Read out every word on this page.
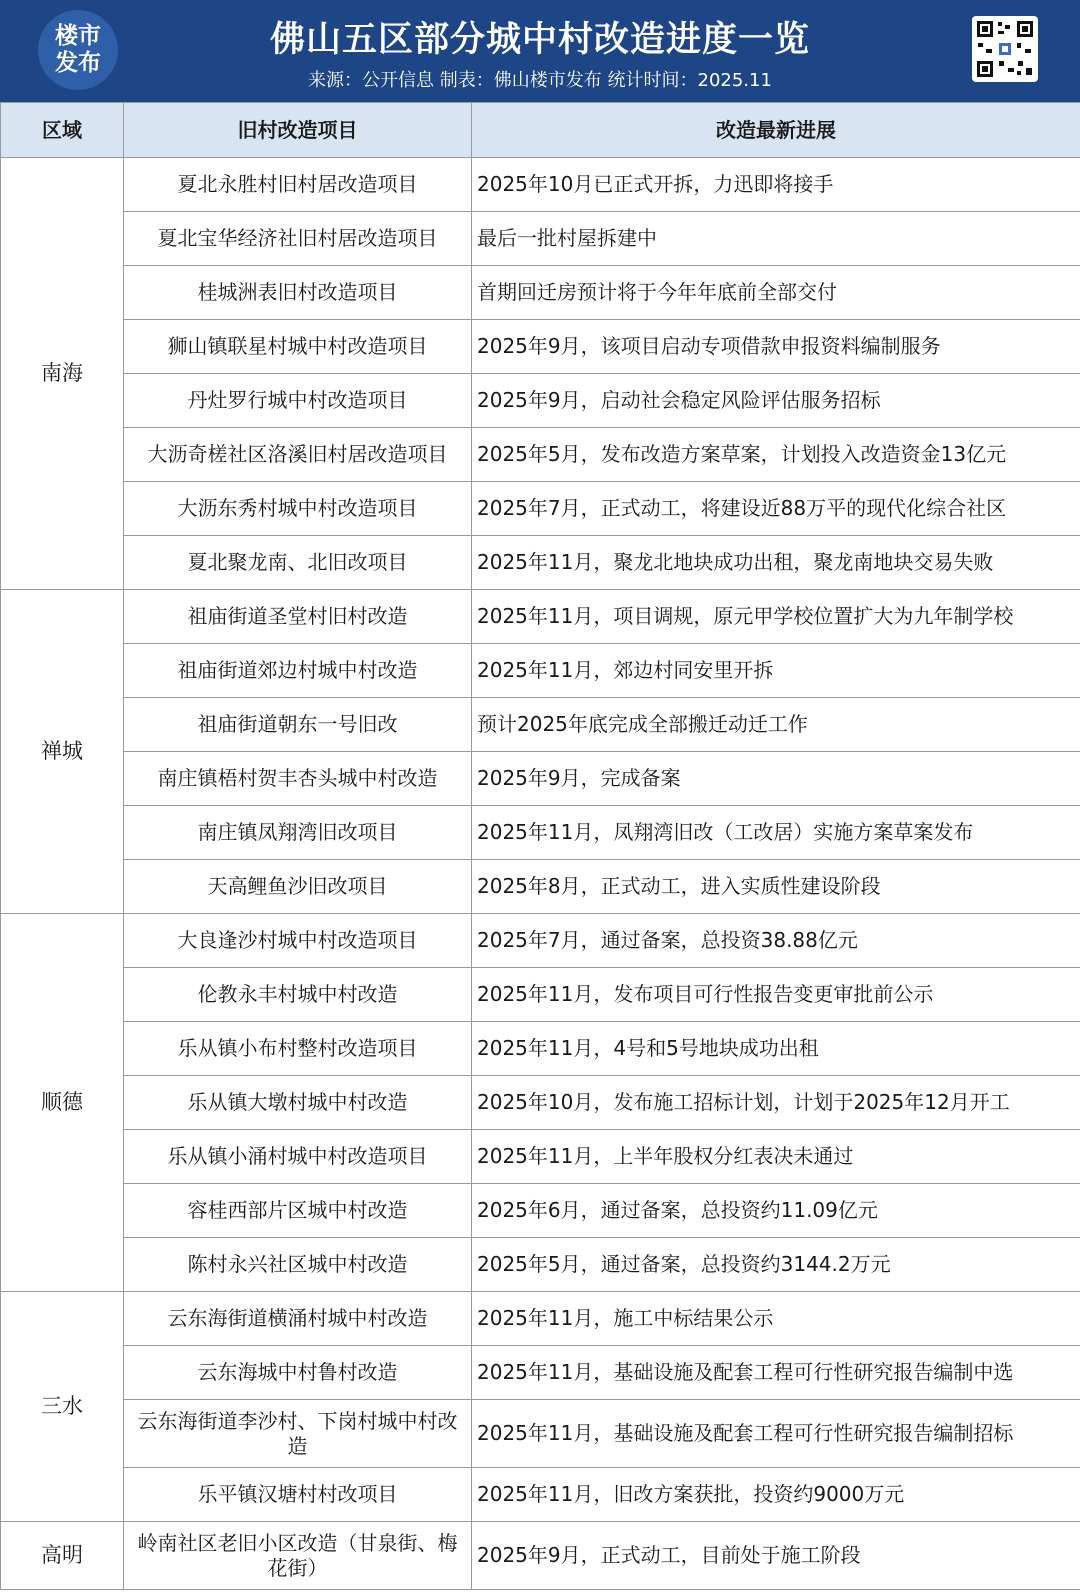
楼市
发布
佛山五区部分城中村改造进度一览
来源：公开信息 制表：佛山楼市发布 统计时间：2025.11
区域	旧村改造项目	改造最新进展
南海	夏北永胜村旧村居改造项目	2025年10月已正式开拆，力迅即将接手
	夏北宝华经济社旧村居改造项目	最后一批村屋拆建中
	桂城洲表旧村改造项目	首期回迁房预计将于今年年底前全部交付
	狮山镇联星村城中村改造项目	2025年9月，该项目启动专项借款申报资料编制服务
	丹灶罗行城中村改造项目	2025年9月，启动社会稳定风险评估服务招标
	大沥奇槎社区洛溪旧村居改造项目	2025年5月，发布改造方案草案，计划投入改造资金13亿元
	大沥东秀村城中村改造项目	2025年7月，正式动工，将建设近88万平的现代化综合社区
	夏北聚龙南、北旧改项目	2025年11月，聚龙北地块成功出租，聚龙南地块交易失败
禅城	祖庙街道圣堂村旧村改造	2025年11月，项目调规，原元甲学校位置扩大为九年制学校
	祖庙街道郊边村城中村改造	2025年11月，郊边村同安里开拆
	祖庙街道朝东一号旧改	预计2025年底完成全部搬迁动迁工作
	南庄镇梧村贺丰杏头城中村改造	2025年9月，完成备案
	南庄镇凤翔湾旧改项目	2025年11月，凤翔湾旧改（工改居）实施方案草案发布
	天高鲤鱼沙旧改项目	2025年8月，正式动工，进入实质性建设阶段
顺德	大良逢沙村城中村改造项目	2025年7月，通过备案，总投资38.88亿元
	伦教永丰村城中村改造	2025年11月，发布项目可行性报告变更审批前公示
	乐从镇小布村整村改造项目	2025年11月，4号和5号地块成功出租
	乐从镇大墩村城中村改造	2025年10月，发布施工招标计划，计划于2025年12月开工
	乐从镇小涌村城中村改造项目	2025年11月，上半年股权分红表决未通过
	容桂西部片区城中村改造	2025年6月，通过备案，总投资约11.09亿元
	陈村永兴社区城中村改造	2025年5月，通过备案，总投资约3144.2万元
三水	云东海街道横涌村城中村改造	2025年11月，施工中标结果公示
	云东海城中村鲁村改造	2025年11月，基础设施及配套工程可行性研究报告编制中选
	云东海街道李沙村、下岗村城中村改造	2025年11月，基础设施及配套工程可行性研究报告编制招标
	乐平镇汉塘村村改项目	2025年11月，旧改方案获批，投资约9000万元
高明	岭南社区老旧小区改造（甘泉街、梅花街）	2025年9月，正式动工，目前处于施工阶段
